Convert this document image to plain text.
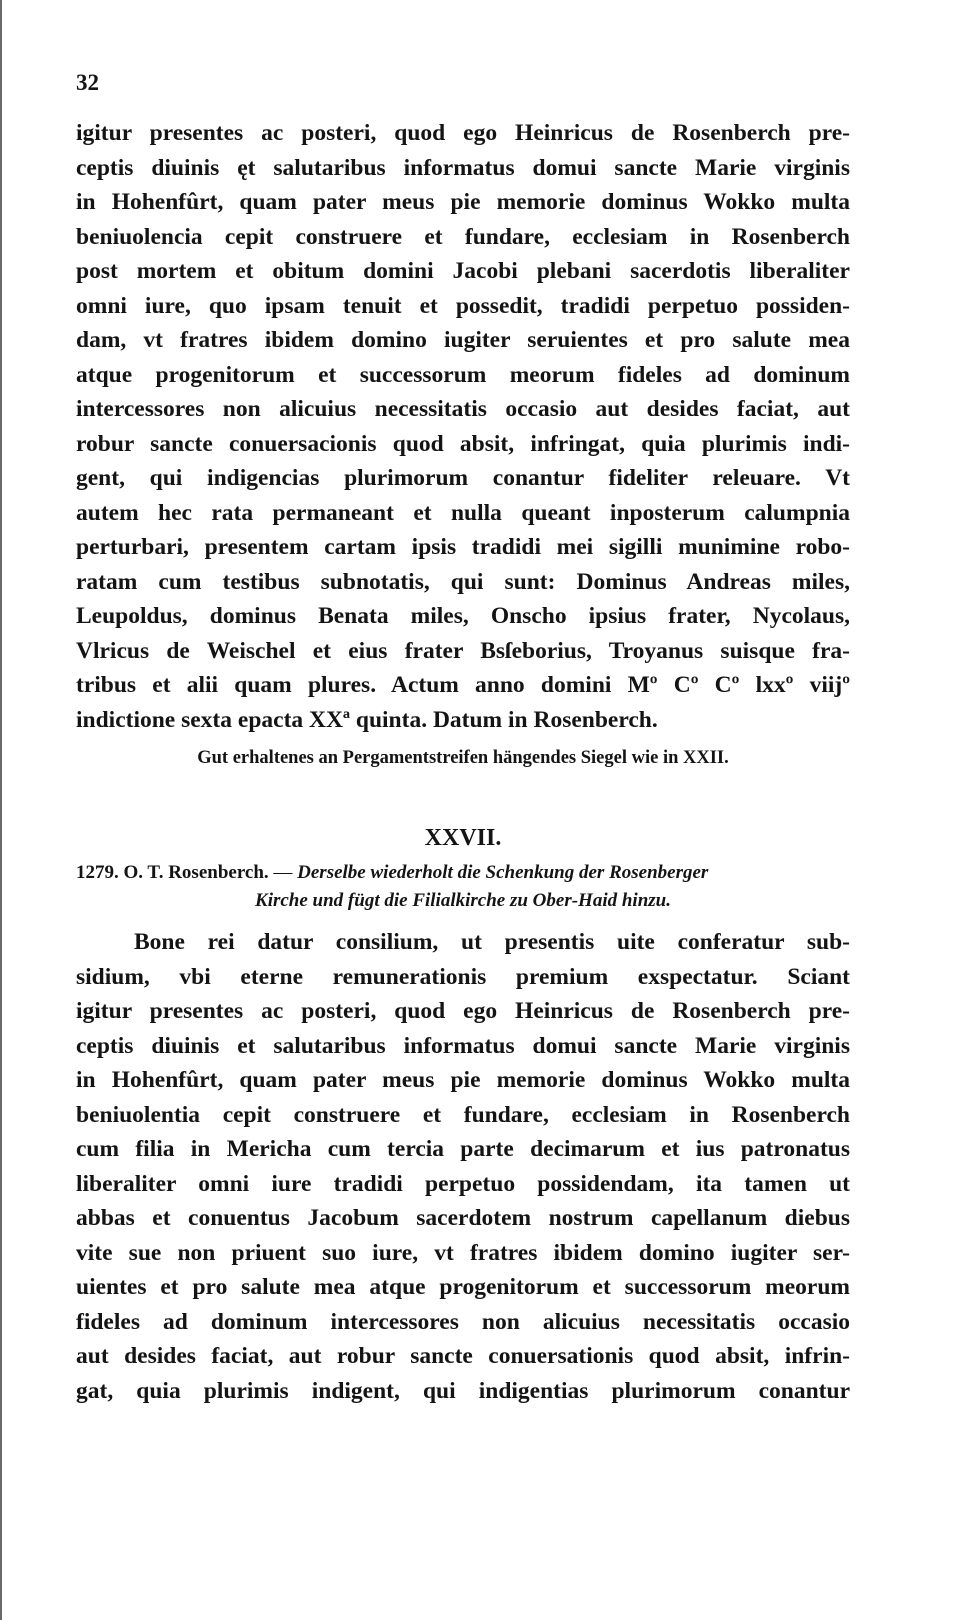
32
igitur presentes ac posteri, quod ego Heinricus de Rosenberch pre-
ceptis diuinis ęt salutaribus informatus domui sancte Marie virginis
in Hohenfûrt, quam pater meus pie memorie dominus Wokko multa
beniuolencia cepit construere et fundare, ecclesiam in Rosenberch
post mortem et obitum domini Jacobi plebani sacerdotis liberaliter
omni iure, quo ipsam tenuit et possedit, tradidi perpetuo possiden-
dam, vt fratres ibidem domino iugiter seruientes et pro salute mea
atque progenitorum et successorum meorum fideles ad dominum
intercessores non alicuius necessitatis occasio aut desides faciat, aut
robur sancte conuersacionis quod absit, infringat, quia plurimis indi-
gent, qui indigencias plurimorum conantur fideliter releuare. Vt
autem hec rata permaneant et nulla queant inposterum calumpnia
perturbari, presentem cartam ipsis tradidi mei sigilli munimine robo-
ratam cum testibus subnotatis, qui sunt: Dominus Andreas miles,
Leupoldus, dominus Benata miles, Onscho ipsius frater, Nycolaus,
Vlricus de Weischel et eius frater Bsſeborius, Troyanus suisque fra-
tribus et alii quam plures. Actum anno domini Mº Cº Cº lxxº viijº
indictione sexta epacta XXª quinta. Datum in Rosenberch.
Gut erhaltenes an Pergamentstreifen hängendes Siegel wie in XXII.
XXVII.
1279. O. T. Rosenberch. — Derselbe wiederholt die Schenkung der Rosenberger
Kirche und fügt die Filialkirche zu Ober-Haid hinzu.
Bone rei datur consilium, ut presentis uite conferatur sub-
sidium, vbi eterne remunerationis premium exspectatur. Sciant
igitur presentes ac posteri, quod ego Heinricus de Rosenberch pre-
ceptis diuinis et salutaribus informatus domui sancte Marie virginis
in Hohenfûrt, quam pater meus pie memorie dominus Wokko multa
beniuolentia cepit construere et fundare, ecclesiam in Rosenberch
cum filia in Mericha cum tercia parte decimarum et ius patronatus
liberaliter omni iure tradidi perpetuo possidendam, ita tamen ut
abbas et conuentus Jacobum sacerdotem nostrum capellanum diebus
vite sue non priuent suo iure, vt fratres ibidem domino iugiter ser-
uientes et pro salute mea atque progenitorum et successorum meorum
fideles ad dominum intercessores non alicuius necessitatis occasio
aut desides faciat, aut robur sancte conuersationis quod absit, infrin-
gat, quia plurimis indigent, qui indigentias plurimorum conantur
